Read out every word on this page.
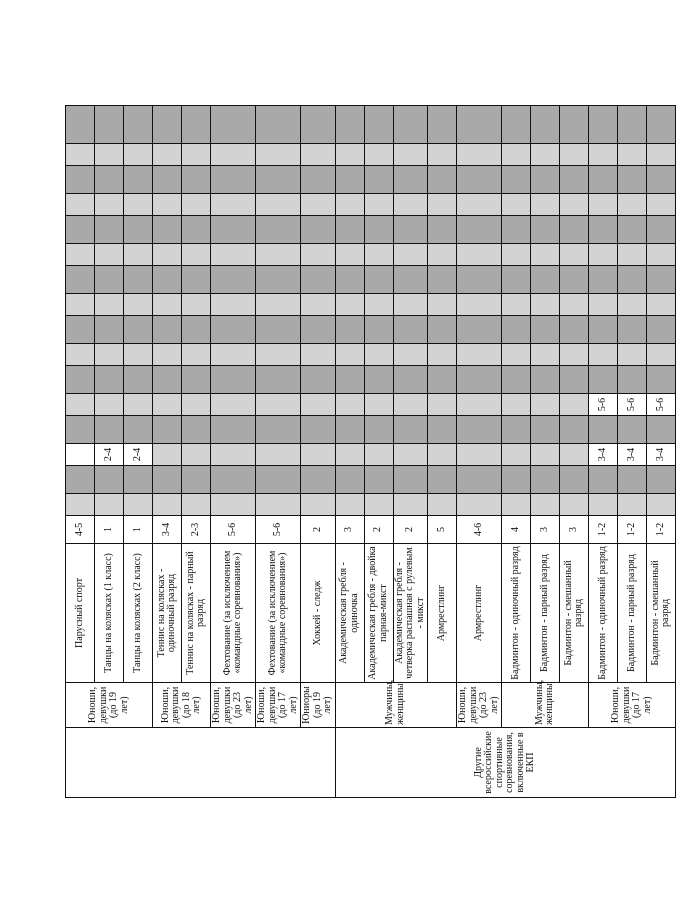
	Юноши, девушки (до 19 лет)	Парусный спорт	4-5																
		Танцы на колясках (1 класс)	1			2-4													
		Танцы на колясках (2 класс)	1			2-4													
	Юноши, девушки (до 18 лет)	Теннис на колясках - одиночный разряд	3-4																
		Теннис на колясках - парный разряд	2-3																
	Юноши, девушки (до 23 лет)	Фехтование (за исключением «командные соревнования»)	5-6																
	Юноши, девушки (до 17 лет)	Фехтование (за исключением «командные соревнования»)	5-6																
	Юниоры (до 19 лет)	Хоккей - следж	2																
Другие всероссийские спортивные соревнования, включенные в ЕКП	Мужчины, женщины	Академическая гребля - одиночка	3																
		Академическая гребля - двойка парная-микст	2																
		Академическая гребля - четверка распашная с рулевым - микст	2																
		Армрестлинг	5																
	Юноши, девушки (до 23 лет)	Армрестлинг	4-6																
	Мужчины, женщины	Бадминтон - одиночный разряд	4																
		Бадминтон - парный разряд	3																
		Бадминтон - смешанный разряд	3																
	Юноши, девушки (до 17 лет)	Бадминтон - одиночный разряд	1-2			3-4		5-6											
		Бадминтон - парный разряд	1-2			3-4		5-6											
		Бадминтон - смешанный разряд	1-2			3-4		5-6											
